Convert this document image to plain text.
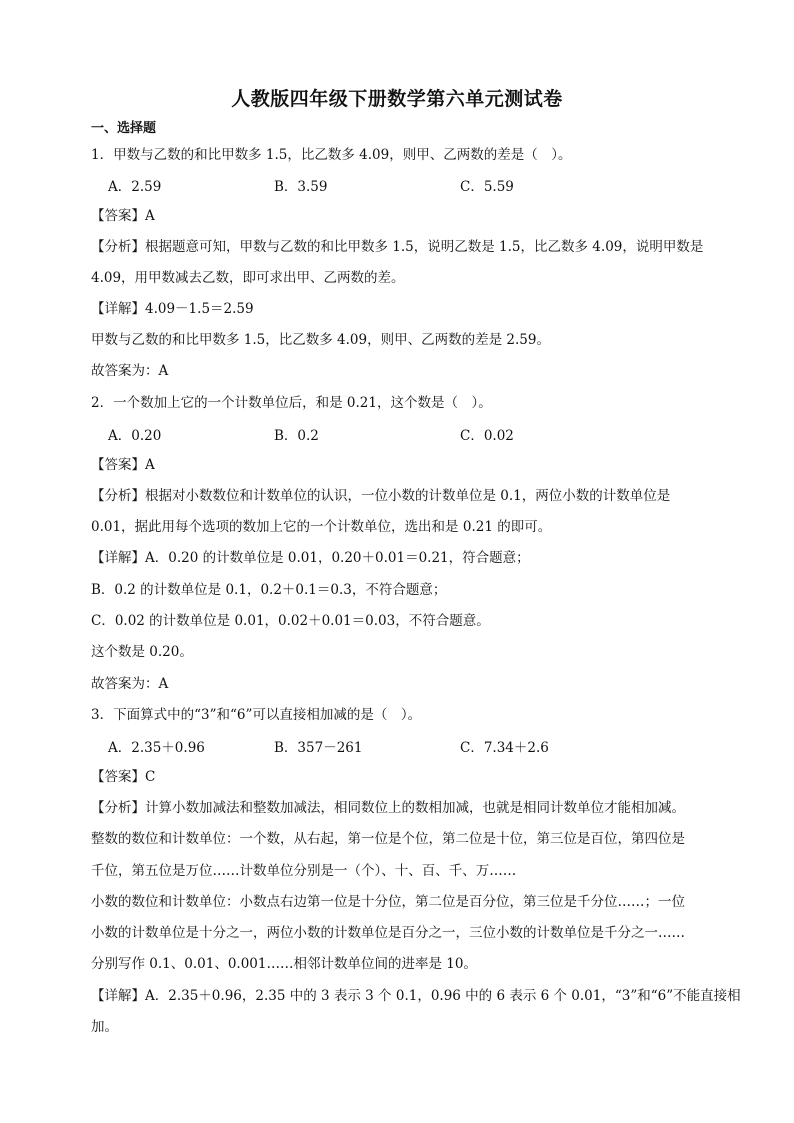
人教版四年级下册数学第六单元测试卷
一、选择题
1．甲数与乙数的和比甲数多 1.5，比乙数多 4.09，则甲、乙两数的差是（　）。
A．2.59	B．3.59	C．5.59
【答案】A
【分析】根据题意可知，甲数与乙数的和比甲数多 1.5，说明乙数是 1.5，比乙数多 4.09，说明甲数是
4.09，用甲数减去乙数，即可求出甲、乙两数的差。
【详解】4.09－1.5＝2.59
甲数与乙数的和比甲数多 1.5，比乙数多 4.09，则甲、乙两数的差是 2.59。
故答案为：A
2．一个数加上它的一个计数单位后，和是 0.21，这个数是（　）。
A．0.20	B．0.2	C．0.02
【答案】A
【分析】根据对小数数位和计数单位的认识，一位小数的计数单位是 0.1，两位小数的计数单位是
0.01，据此用每个选项的数加上它的一个计数单位，选出和是 0.21 的即可。
【详解】A．0.20 的计数单位是 0.01，0.20＋0.01＝0.21，符合题意；
B．0.2 的计数单位是 0.1，0.2＋0.1＝0.3，不符合题意；
C．0.02 的计数单位是 0.01，0.02＋0.01＝0.03，不符合题意。
这个数是 0.20。
故答案为：A
3．下面算式中的“3”和“6”可以直接相加减的是（　）。
A．2.35＋0.96	B．357－261	C．7.34＋2.6
【答案】C
【分析】计算小数加减法和整数加减法，相同数位上的数相加减，也就是相同计数单位才能相加减。
整数的数位和计数单位：一个数，从右起，第一位是个位，第二位是十位，第三位是百位，第四位是
千位，第五位是万位……计数单位分别是一（个）、十、百、千、万……
小数的数位和计数单位：小数点右边第一位是十分位，第二位是百分位，第三位是千分位……；一位
小数的计数单位是十分之一，两位小数的计数单位是百分之一，三位小数的计数单位是千分之一……
分别写作 0.1、0.01、0.001……相邻计数单位间的进率是 10。
【详解】A．2.35＋0.96，2.35 中的 3 表示 3 个 0.1，0.96 中的 6 表示 6 个 0.01，“3”和“6”不能直接相
加。
